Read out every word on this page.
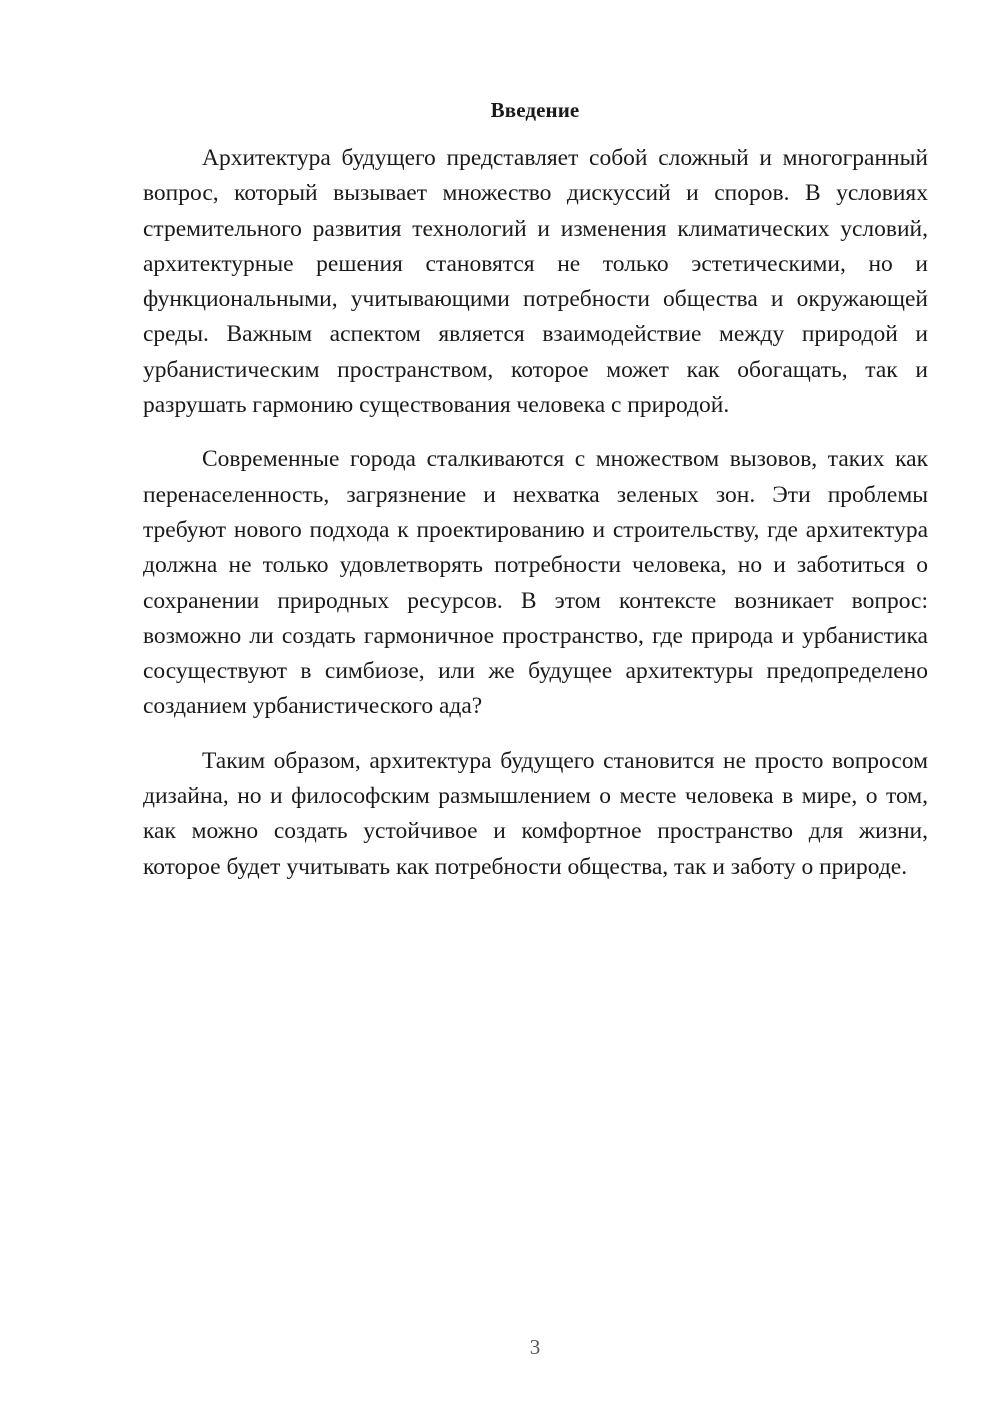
Введение

Архитектура будущего представляет собой сложный и многогранный вопрос, который вызывает множество дискуссий и споров. В условиях стремительного развития технологий и изменения климатических условий, архитектурные решения становятся не только эстетическими, но и функциональными, учитывающими потребности общества и окружающей среды. Важным аспектом является взаимодействие между природой и урбанистическим пространством, которое может как обогащать, так и разрушать гармонию существования человека с природой.

Современные города сталкиваются с множеством вызовов, таких как перенаселенность, загрязнение и нехватка зеленых зон. Эти проблемы требуют нового подхода к проектированию и строительству, где архитектура должна не только удовлетворять потребности человека, но и заботиться о сохранении природных ресурсов. В этом контексте возникает вопрос: возможно ли создать гармоничное пространство, где природа и урбанистика сосуществуют в симбиозе, или же будущее архитектуры предопределено созданием урбанистического ада?

Таким образом, архитектура будущего становится не просто вопросом дизайна, но и философским размышлением о месте человека в мире, о том, как можно создать устойчивое и комфортное пространство для жизни, которое будет учитывать как потребности общества, так и заботу о природе.

3
